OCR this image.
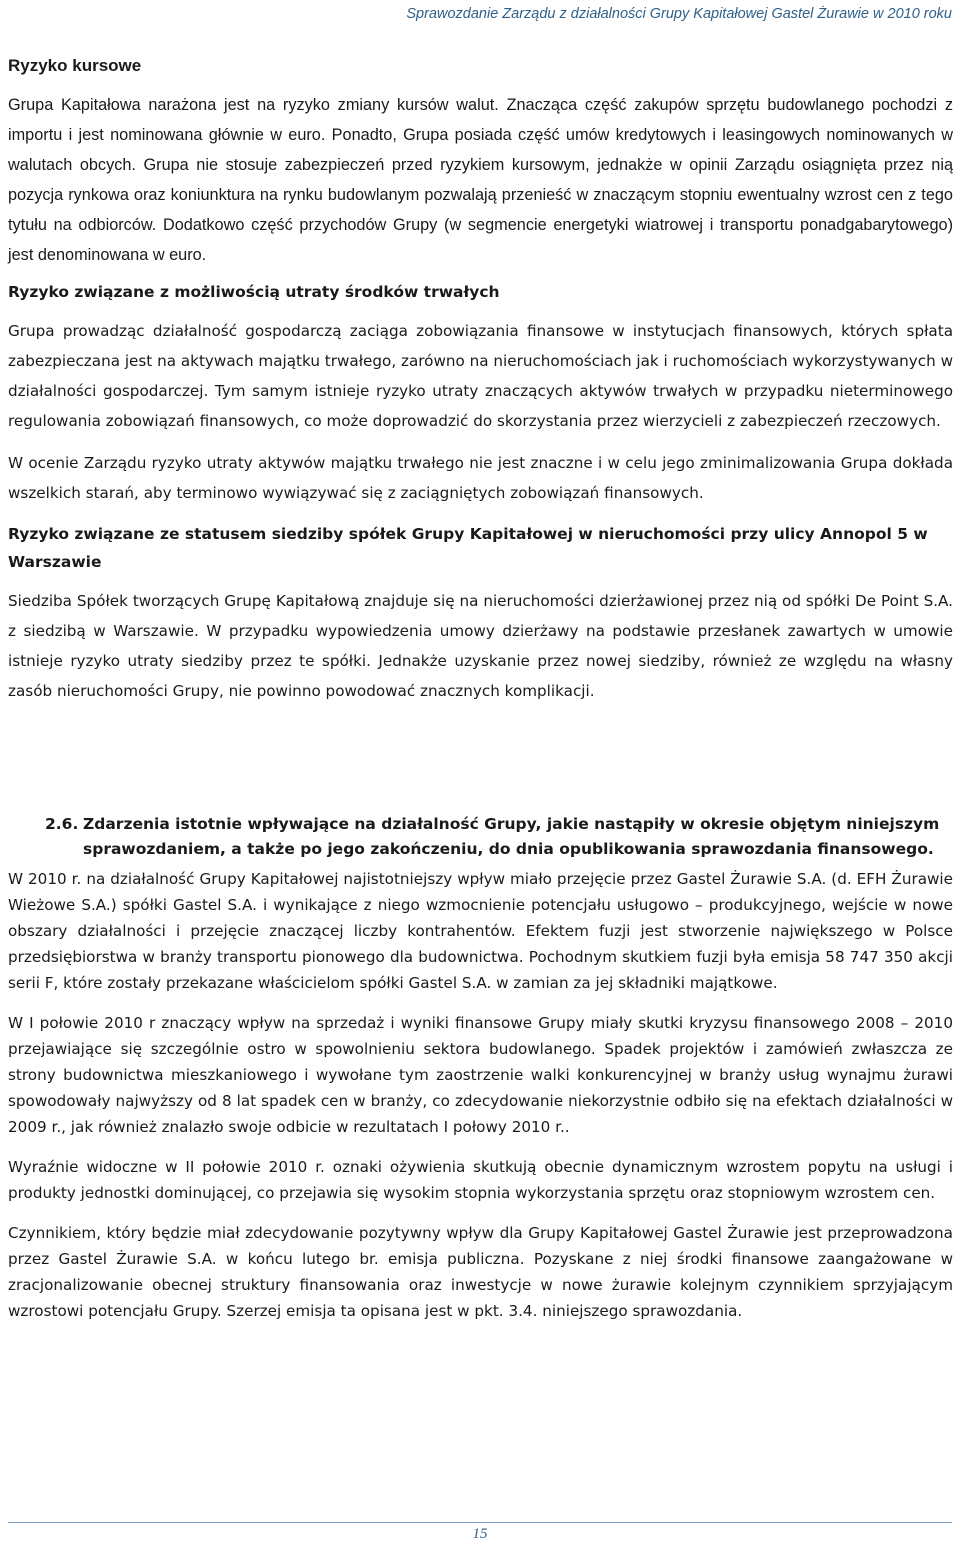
Sprawozdanie Zarządu z działalności Grupy Kapitałowej Gastel Żurawie w 2010 roku
Ryzyko kursowe
Grupa Kapitałowa narażona jest na ryzyko zmiany kursów walut. Znacząca część zakupów sprzętu budowlanego pochodzi z importu i jest nominowana głównie w euro. Ponadto, Grupa posiada część umów kredytowych i leasingowych nominowanych w walutach obcych. Grupa nie stosuje zabezpieczeń przed ryzykiem kursowym, jednakże w opinii Zarządu osiągnięta przez nią pozycja rynkowa oraz koniunktura na rynku budowlanym pozwalają przenieść w znaczącym stopniu ewentualny wzrost cen z tego tytułu na odbiorców. Dodatkowo część przychodów Grupy (w segmencie energetyki wiatrowej i transportu ponadgabarytowego) jest denominowana w euro.
Ryzyko związane z możliwością utraty środków trwałych
Grupa prowadząc działalność gospodarczą zaciąga zobowiązania finansowe w instytucjach finansowych, których spłata zabezpieczana jest na aktywach majątku trwałego, zarówno na nieruchomościach jak i ruchomościach wykorzystywanych w działalności gospodarczej. Tym samym istnieje ryzyko utraty znaczących aktywów trwałych w przypadku nieterminowego regulowania zobowiązań finansowych, co może doprowadzić do skorzystania przez wierzycieli z zabezpieczeń rzeczowych.
W ocenie Zarządu ryzyko utraty aktywów majątku trwałego nie jest znaczne i w celu jego zminimalizowania Grupa dokłada wszelkich starań, aby terminowo wywiązywać się z zaciągniętych zobowiązań finansowych.
Ryzyko związane ze statusem siedziby spółek Grupy Kapitałowej w nieruchomości przy ulicy Annopol 5 w Warszawie
Siedziba Spółek tworzących Grupę Kapitałową znajduje się na nieruchomości dzierżawionej przez nią od spółki De Point S.A. z siedzibą w Warszawie. W przypadku wypowiedzenia umowy dzierżawy na podstawie przesłanek zawartych w umowie istnieje ryzyko utraty siedziby przez te spółki. Jednakże uzyskanie przez nowej siedziby, również ze względu na własny zasób nieruchomości Grupy, nie powinno powodować znacznych komplikacji.
2.6. Zdarzenia istotnie wpływające na działalność Grupy, jakie nastąpiły w okresie objętym niniejszym sprawozdaniem, a także po jego zakończeniu, do dnia opublikowania sprawozdania finansowego.
W 2010 r. na działalność Grupy Kapitałowej najistotniejszy wpływ miało przejęcie przez Gastel Żurawie S.A. (d. EFH Żurawie Wieżowe S.A.) spółki Gastel S.A. i wynikające z niego wzmocnienie potencjału usługowo – produkcyjnego, wejście w nowe obszary działalności i przejęcie znaczącej liczby kontrahentów. Efektem fuzji jest stworzenie największego w Polsce przedsiębiorstwa w branży transportu pionowego dla budownictwa. Pochodnym skutkiem fuzji była emisja 58 747 350 akcji serii F, które zostały przekazane właścicielom spółki Gastel S.A. w zamian za jej składniki majątkowe.
W I połowie 2010 r znaczący wpływ na sprzedaż i wyniki finansowe Grupy miały skutki kryzysu finansowego 2008 – 2010 przejawiające się szczególnie ostro w spowolnieniu sektora budowlanego. Spadek projektów i zamówień zwłaszcza ze strony budownictwa mieszkaniowego i wywołane tym zaostrzenie walki konkurencyjnej w branży usług wynajmu żurawi spowodowały najwyższy od 8 lat spadek cen w branży, co zdecydowanie niekorzystnie odbiło się na efektach działalności w 2009 r., jak również znalazło swoje odbicie w rezultatach I połowy 2010 r..
Wyraźnie widoczne w II połowie 2010 r. oznaki ożywienia skutkują obecnie dynamicznym wzrostem popytu na usługi i produkty jednostki dominującej, co przejawia się wysokim stopnia wykorzystania sprzętu oraz stopniowym wzrostem cen.
Czynnikiem, który będzie miał zdecydowanie pozytywny wpływ dla Grupy Kapitałowej Gastel Żurawie jest przeprowadzona przez Gastel Żurawie S.A. w końcu lutego br. emisja publiczna. Pozyskane z niej środki finansowe zaangażowane w zracjonalizowanie obecnej struktury finansowania oraz inwestycje w nowe żurawie kolejnym czynnikiem sprzyjającym wzrostowi potencjału Grupy. Szerzej emisja ta opisana jest w pkt. 3.4. niniejszego sprawozdania.
15
